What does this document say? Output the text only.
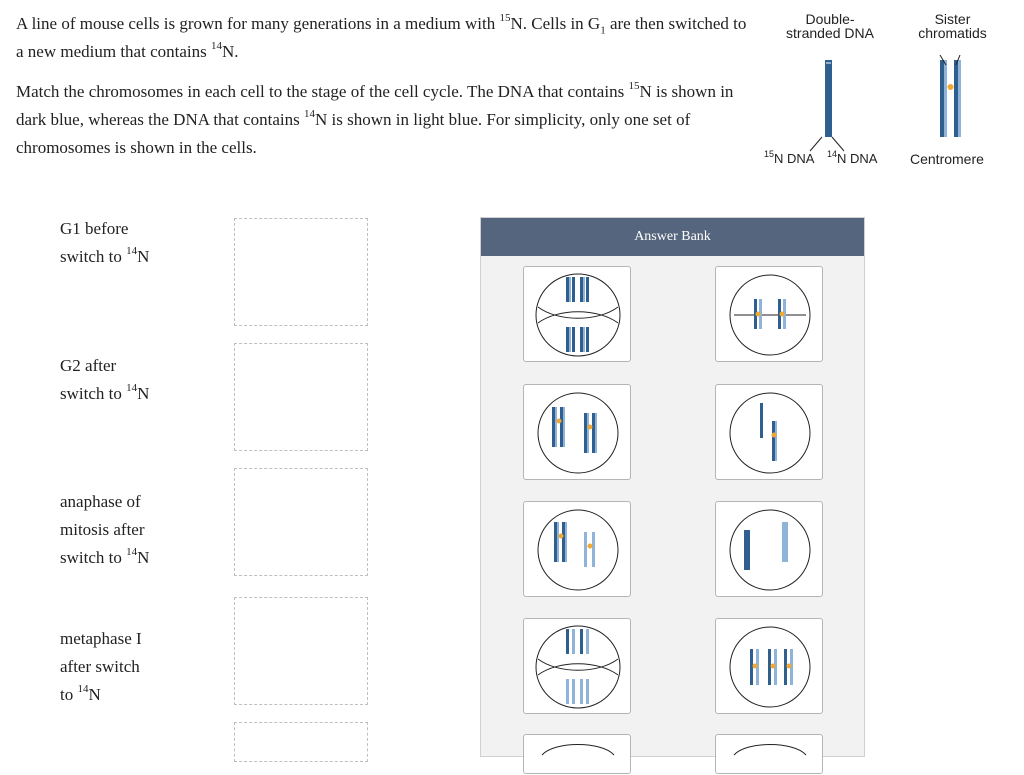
A line of mouse cells is grown for many generations in a medium with $^{15}$N. Cells in $G_1$ are then switched to a new medium that contains $^{14}$N.

Match the chromosomes in each cell to the stage of the cell cycle. The DNA that contains $^{15}$N is shown in dark blue, whereas the DNA that contains $^{14}$N is shown in light blue. For simplicity, only one set of chromosomes is shown in the cells.

Double-
stranded DNA
Sister
chromatids
$^{15}$N DNA $^{14}$N DNA Centromere
G1 before
switch to $^{14}$N
G2 after
switch to $^{14}$N
anaphase of
mitosis after
switch to $^{14}$N
metaphase I
after switch
to $^{14}$N
Answer Bank
